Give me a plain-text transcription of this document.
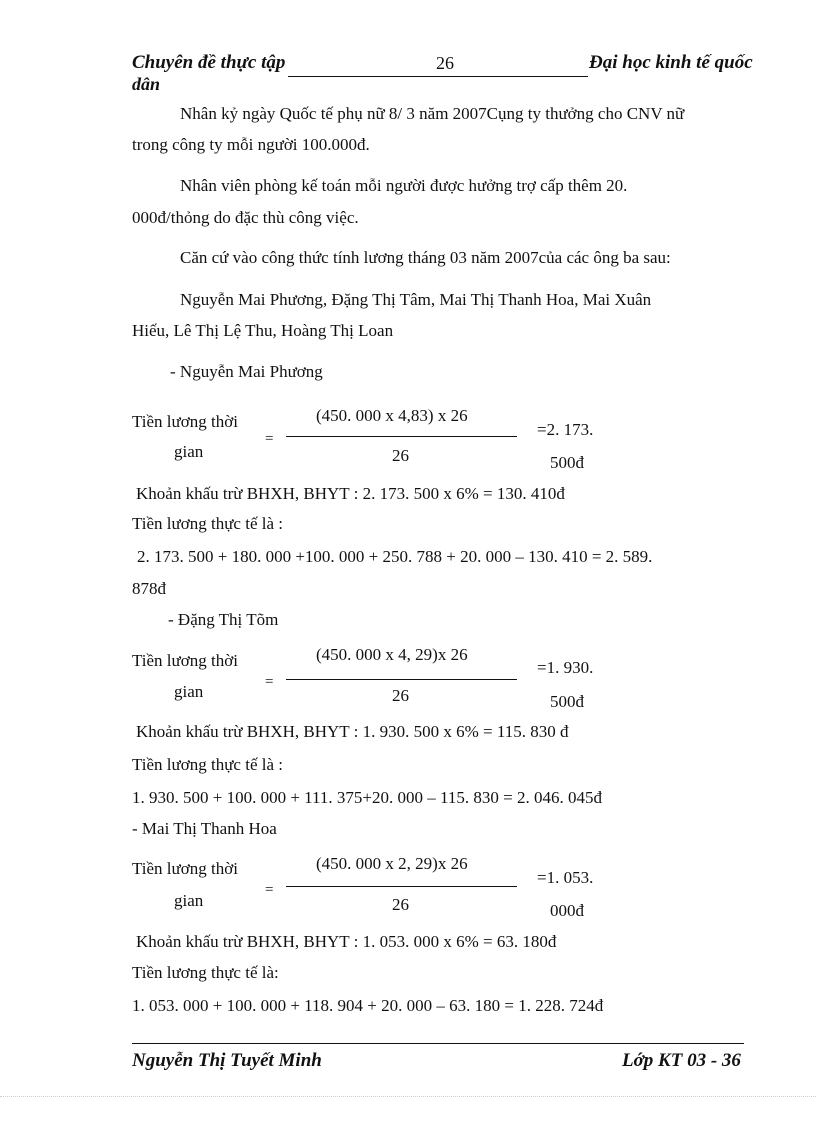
Chuyên đề thực tập	26	Đại học kinh tế quốc
dân
Nhân kỷ ngày Quốc tế phụ nữ 8/ 3 năm 2007Cụng ty thưởng cho CNV nữ
trong công ty mỗi người 100.000đ.
Nhân viên phòng kế toán mỗi người được hưởng trợ cấp thêm 20.
000đ/thỏng do đặc thù công việc.
Căn cứ vào công thức tính lương tháng 03 năm 2007của các ông ba sau:
Nguyễn Mai Phương, Đặng Thị Tâm, Mai Thị Thanh Hoa, Mai Xuân
Hiếu, Lê Thị Lệ Thu, Hoàng Thị Loan
- Nguyễn Mai Phương
Tiền lương thời
gian
=
(450. 000 x 4,83) x 26
26
=2. 173.
500đ
Khoản khấu trừ BHXH, BHYT : 2. 173. 500 x 6% = 130. 410đ
Tiền lương thực tế là :
2. 173. 500 + 180. 000 +100. 000 + 250. 788 + 20. 000 – 130. 410 = 2. 589.
878đ
- Đặng Thị Tõm
Tiền lương thời
gian	=
(450. 000 x 4, 29)x 26
26
=1. 930.
500đ
Khoản khấu trừ BHXH, BHYT : 1. 930. 500 x 6% = 115. 830 đ
Tiền lương thực tế là :
1. 930. 500 + 100. 000 + 111. 375+20. 000 – 115. 830 = 2. 046. 045đ
- Mai Thị Thanh Hoa
Tiền lương thời
gian
=
(450. 000 x 2, 29)x 26
26
=1. 053.
000đ
Khoản khấu trừ BHXH, BHYT : 1. 053. 000 x 6% = 63. 180đ
Tiền lương thực tế là:
1. 053. 000 + 100. 000 + 118. 904 + 20. 000 – 63. 180 = 1. 228. 724đ
Nguyễn Thị Tuyết Minh	Lớp KT 03 - 36
